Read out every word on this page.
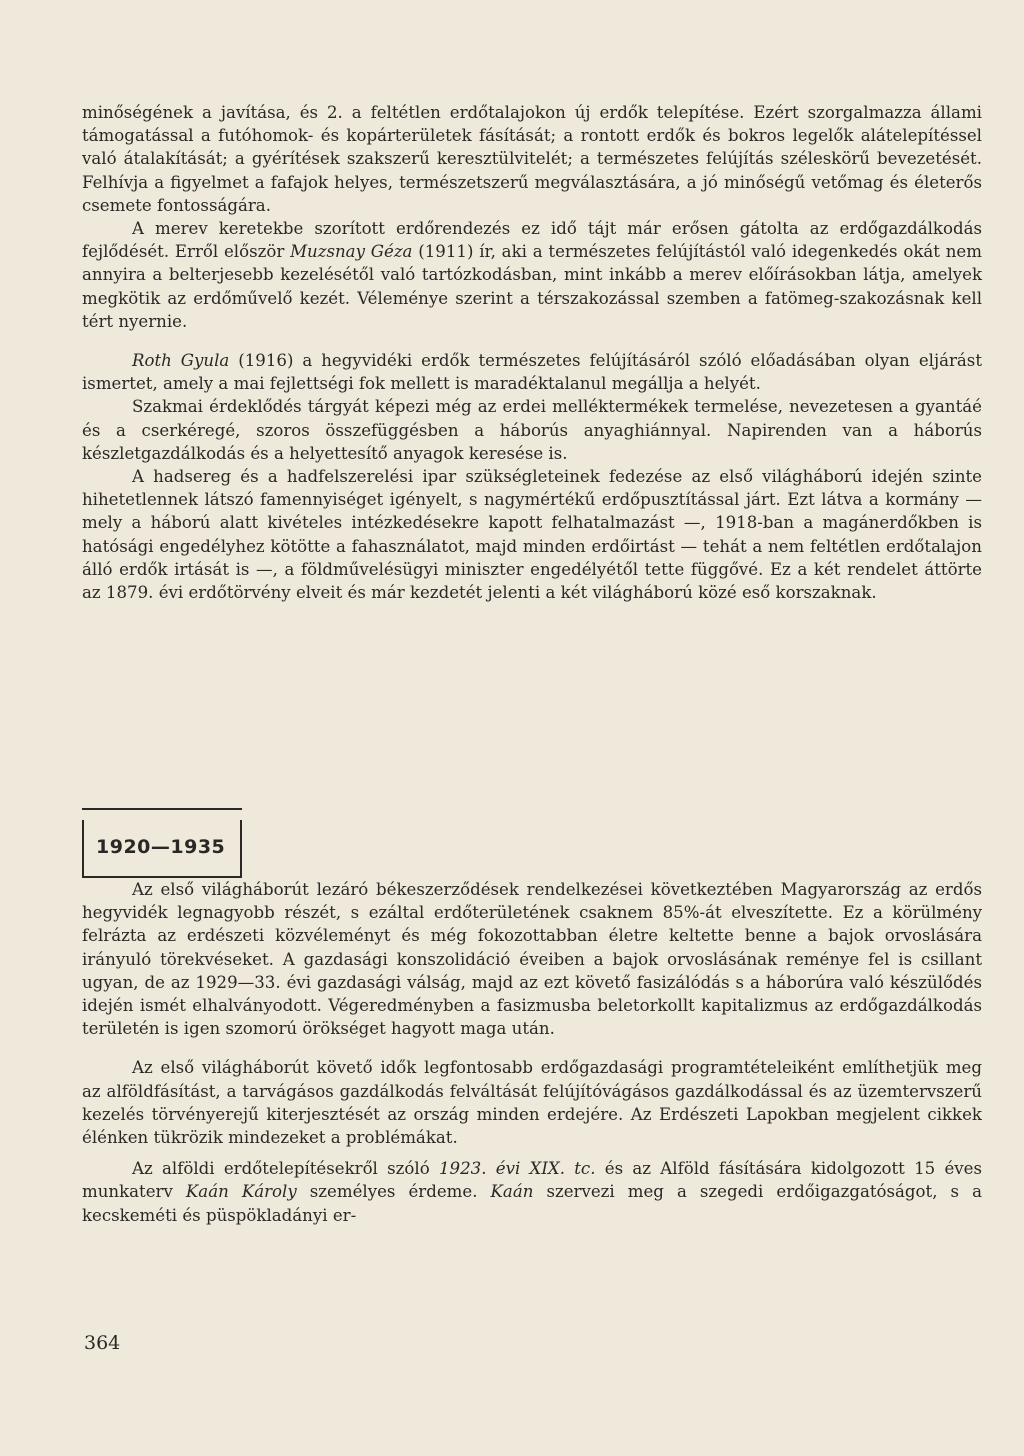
minőségének a javítása, és 2. a feltétlen erdőtalajokon új erdők telepítése. Ezért szorgalmazza állami támogatással a futóhomok- és kopárterületek fásítását; a rontott erdők és bokros legelők alátelepítéssel való átalakítását; a gyérítések szakszerű keresztülvitelét; a természetes felújítás széleskörű bevezetését. Felhívja a figyelmet a fafajok helyes, természetszerű megválasztására, a jó minőségű vetőmag és életerős csemete fontosságára.

A merev keretekbe szorított erdőrendezés ez idő tájt már erősen gátolta az erdőgazdálkodás fejlődését. Erről először Muzsnay Géza (1911) ír, aki a természetes felújítástól való idegenkedés okát nem annyira a belterjesebb kezelésétől való tartózkodásban, mint inkább a merev előírásokban látja, amelyek megkötik az erdőművelő kezét. Véleménye szerint a térszakozással szemben a fatömeg-szakozásnak kell tért nyernie.

Roth Gyula (1916) a hegyvidéki erdők természetes felújításáról szóló előadásában olyan eljárást ismertet, amely a mai fejlettségi fok mellett is maradéktalanul megállja a helyét.

Szakmai érdeklődés tárgyát képezi még az erdei melléktermékek termelése, nevezetesen a gyantáé és a cserkéregé, szoros összefüggésben a háborús anyaghiánnyal. Napirenden van a háborús készletgazdálkodás és a helyettesítő anyagok keresése is.

A hadsereg és a hadfelszerelési ipar szükségleteinek fedezése az első világháború idején szinte hihetetlennek látszó famennyiséget igényelt, s nagymértékű erdőpusztítással járt. Ezt látva a kormány — mely a háború alatt kivételes intézkedésekre kapott felhatalmazást —, 1918-ban a magánerdőkben is hatósági engedélyhez kötötte a fahasználatot, majd minden erdőirtást — tehát a nem feltétlen erdőtalajon álló erdők irtását is —, a földművelésügyi miniszter engedélyétől tette függővé. Ez a két rendelet áttörte az 1879. évi erdőtörvény elveit és már kezdetét jelenti a két világháború közé eső korszaknak.

1920—1935

Az első világháborút lezáró békeszerződések rendelkezései következtében Magyarország az erdős hegyvidék legnagyobb részét, s ezáltal erdőterületének csaknem 85%-át elveszítette. Ez a körülmény felrázta az erdészeti közvéleményt és még fokozottabban életre keltette benne a bajok orvoslására irányuló törekvéseket. A gazdasági konszolidáció éveiben a bajok orvoslásának reménye fel is csillant ugyan, de az 1929—33. évi gazdasági válság, majd az ezt követő fasizálódás s a háborúra való készülődés idején ismét elhalványodott. Végeredményben a fasizmusba beletorkollt kapitalizmus az erdőgazdálkodás területén is igen szomorú örökséget hagyott maga után.

Az első világháborút követő idők legfontosabb erdőgazdasági programtételeiként említhetjük meg az alföldfásítást, a tarvágásos gazdálkodás felváltását felújítóvágásos gazdálkodással és az üzemtervszerű kezelés törvényerejű kiterjesztését az ország minden erdejére. Az Erdészeti Lapokban megjelent cikkek élénken tükrözik mindezeket a problémákat.

Az alföldi erdőtelepítésekről szóló 1923. évi XIX. tc. és az Alföld fásítására kidolgozott 15 éves munkaterv Kaán Károly személyes érdeme. Kaán szervezi meg a szegedi erdőigazgatóságot, s a kecskeméti és püspökladányi er-

364
